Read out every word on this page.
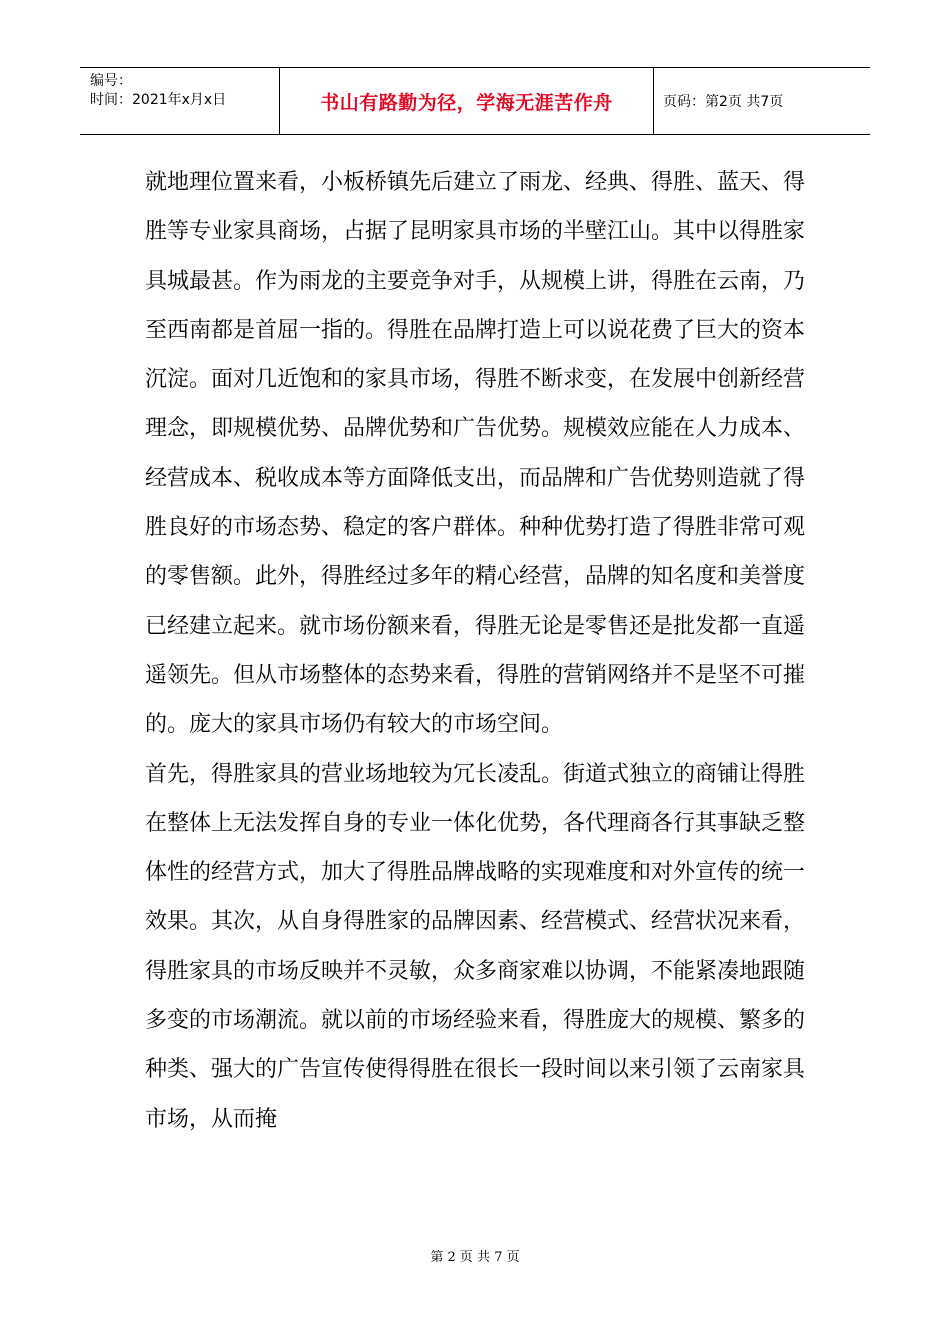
编号：
时间：2021年x月x日	书山有路勤为径，学海无涯苦作舟	页码：第2页 共7页

就地理位置来看，小板桥镇先后建立了雨龙、经典、得胜、蓝天、得胜等专业家具商场，占据了昆明家具市场的半壁江山。其中以得胜家具城最甚。作为雨龙的主要竞争对手，从规模上讲，得胜在云南，乃至西南都是首屈一指的。得胜在品牌打造上可以说花费了巨大的资本沉淀。面对几近饱和的家具市场，得胜不断求变，在发展中创新经营理念，即规模优势、品牌优势和广告优势。规模效应能在人力成本、经营成本、税收成本等方面降低支出，而品牌和广告优势则造就了得胜良好的市场态势、稳定的客户群体。种种优势打造了得胜非常可观的零售额。此外，得胜经过多年的精心经营，品牌的知名度和美誉度已经建立起来。就市场份额来看，得胜无论是零售还是批发都一直遥遥领先。但从市场整体的态势来看，得胜的营销网络并不是坚不可摧的。庞大的家具市场仍有较大的市场空间。

首先，得胜家具的营业场地较为冗长凌乱。街道式独立的商铺让得胜在整体上无法发挥自身的专业一体化优势，各代理商各行其事缺乏整体性的经营方式，加大了得胜品牌战略的实现难度和对外宣传的统一效果。其次，从自身得胜家的品牌因素、经营模式、经营状况来看，得胜家具的市场反映并不灵敏，众多商家难以协调，不能紧凑地跟随多变的市场潮流。就以前的市场经验来看，得胜庞大的规模、繁多的种类、强大的广告宣传使得得胜在很长一段时间以来引领了云南家具市场，从而掩

第 2 页 共 7 页
